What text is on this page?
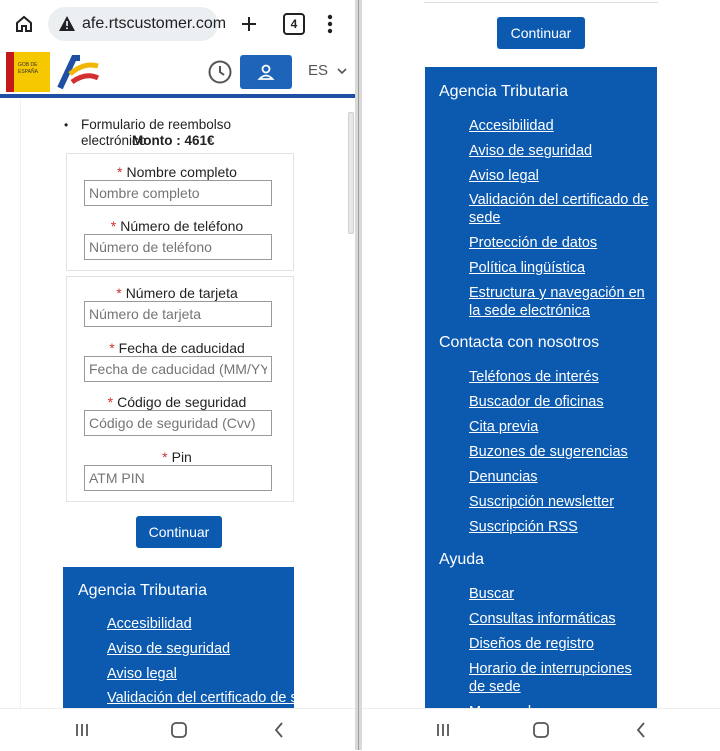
afe.rtscustomer.com	4
GOB DE ESPAÑA	ES
• Formulario de reembolso electrónico
Monto : 461€
* Nombre completo
Nombre completo
* Número de teléfono
Número de teléfono
* Número de tarjeta
Número de tarjeta
* Fecha de caducidad
Fecha de caducidad (MM/YY)
* Código de seguridad
Código de seguridad (Cvv)
* Pin
ATM PIN
Continuar
Agencia Tributaria
Accesibilidad
Aviso de seguridad
Aviso legal
Validación del certificado de sede
Continuar
Agencia Tributaria
Accesibilidad
Aviso de seguridad
Aviso legal
Validación del certificado de sede
Protección de datos
Política lingüística
Estructura y navegación en la sede electrónica
Contacta con nosotros
Teléfonos de interés
Buscador de oficinas
Cita previa
Buzones de sugerencias
Denuncias
Suscripción newsletter
Suscripción RSS
Ayuda
Buscar
Consultas informáticas
Diseños de registro
Horario de interrupciones de sede
